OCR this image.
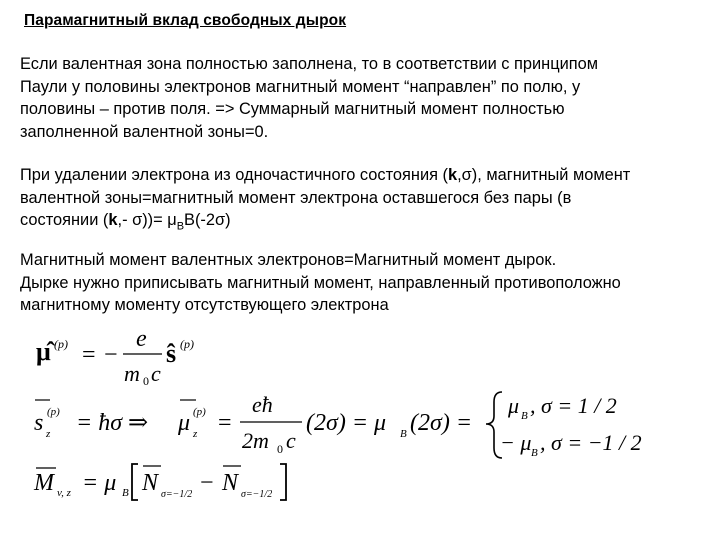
Парамагнитный вклад свободных дырок
Если валентная зона полностью заполнена, то в соответствии с принципом
Паули у половины электронов магнитный момент “направлен” по полю, у
половины – против поля. => Суммарный магнитный момент полностью
заполненной валентной зоны=0.
При удалении электрона из одночастичного состояния (k,σ), магнитный момент
валентной зоны=магнитный момент электрона оставшегося без пары (в
состоянии (k,- $\sigma))= \mu_BB(-2\sigma)$
Магнитный момент валентных электронов=Магнитный момент дырок.
Дырке нужно приписывать магнитный момент, направленный противоположно
магнитному моменту отсутствующего электрона
μ̂ (p) = −
e
m 0 c
ŝ (p)
s (p)
z = ħσ ⇒ μ (p)
z =
eħ
2m 0 c
(2σ) = μ B (2σ) =
μ B , σ = 1 / 2
− μ B , σ = −1 / 2
M v, z = μ B N σ=−1/2 − N σ=−1/2
